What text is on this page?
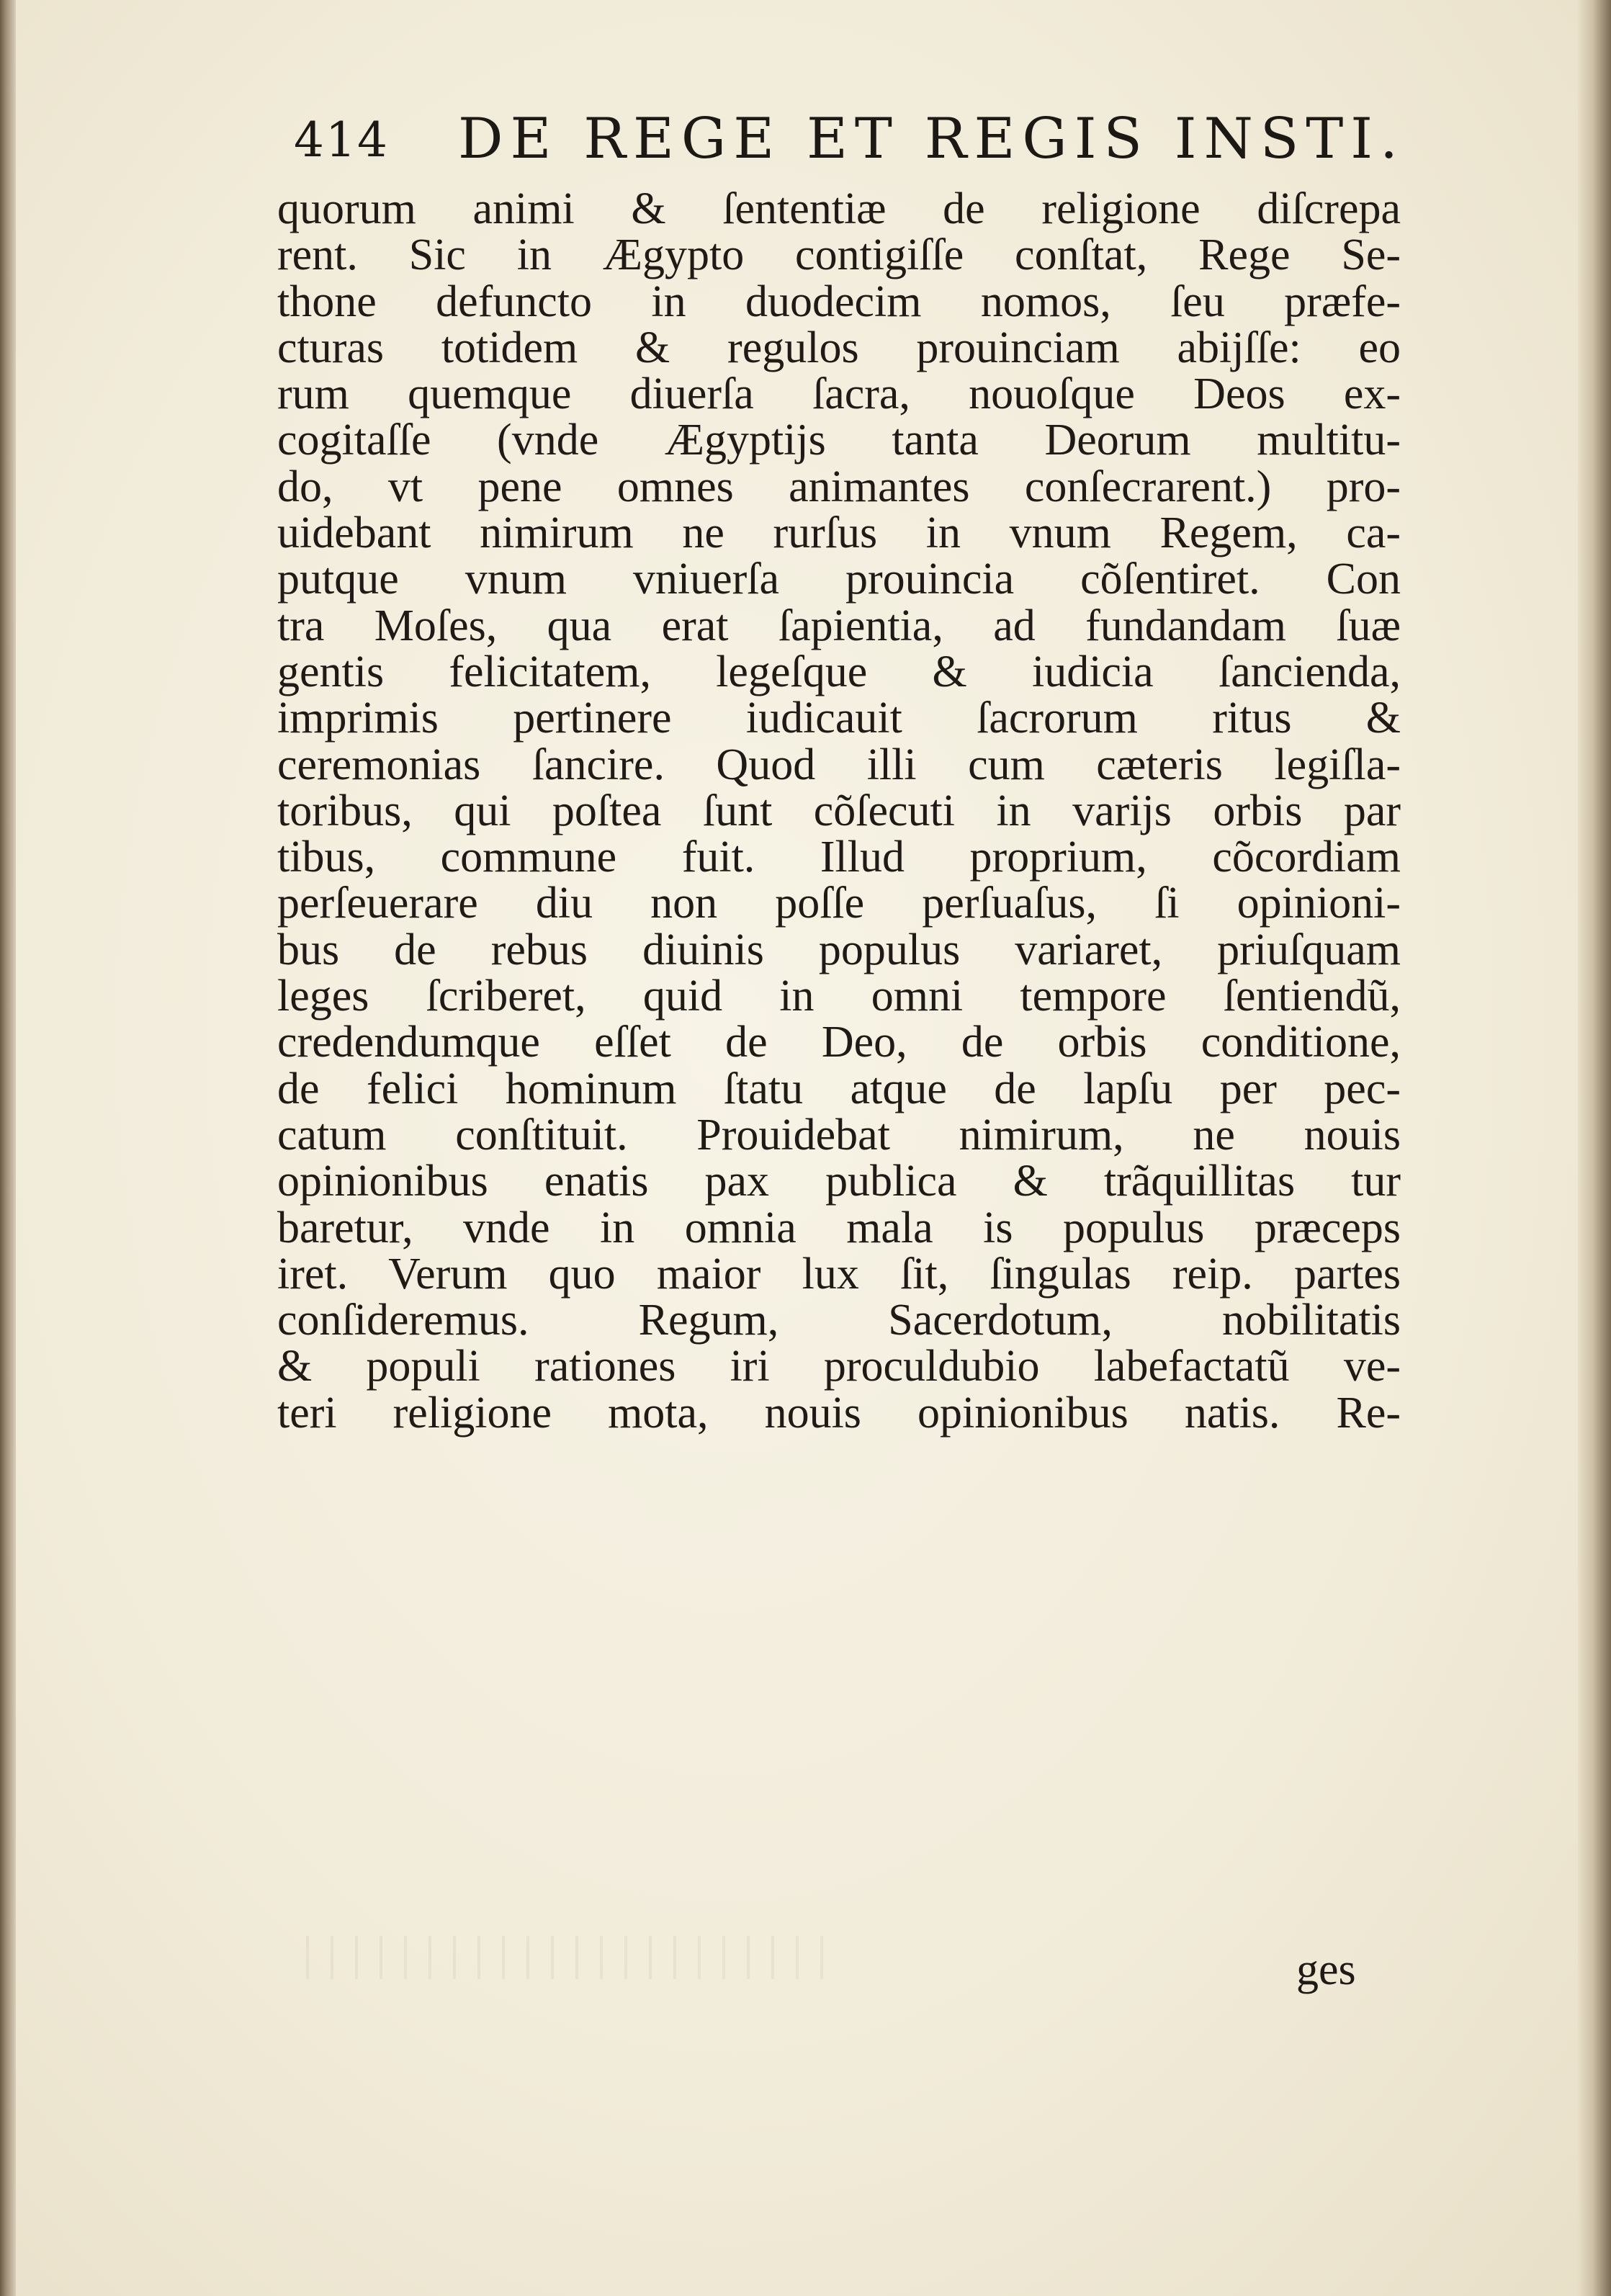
414 DE REGE ET REGIS INSTI.
quorum animi & ſententiæ de religione diſcrepa
rent. Sic in Ægypto contigiſſe conſtat, Rege Se-
thone defuncto in duodecim nomos, ſeu præfe-
cturas totidem & regulos prouinciam abijſſe: eo
rum quemque diuerſa ſacra, nouoſque Deos ex-
cogitaſſe (vnde Ægyptijs tanta Deorum multitu-
do, vt pene omnes animantes conſecrarent.) pro-
uidebant nimirum ne rurſus in vnum Regem, ca-
putque vnum vniuerſa prouincia cõſentiret. Con
tra Moſes, qua erat ſapientia, ad fundandam ſuæ
gentis felicitatem, legeſque & iudicia ſancienda,
imprimis pertinere iudicauit ſacrorum ritus &
ceremonias ſancire. Quod illi cum cæteris legiſla-
toribus, qui poſtea ſunt cõſecuti in varijs orbis par
tibus, commune fuit. Illud proprium, cõcordiam
perſeuerare diu non poſſe perſuaſus, ſi opinioni-
bus de rebus diuinis populus variaret, priuſquam
leges ſcriberet, quid in omni tempore ſentiendũ,
credendumque eſſet de Deo, de orbis conditione,
de felici hominum ſtatu atque de lapſu per pec-
catum conſtituit. Prouidebat nimirum, ne nouis
opinionibus enatis pax publica & trãquillitas tur
baretur, vnde in omnia mala is populus præceps
iret. Verum quo maior lux ſit, ſingulas reip. partes
conſideremus. Regum, Sacerdotum, nobilitatis
& populi rationes iri proculdubio labefactatũ ve-
teri religione mota, nouis opinionibus natis. Re-
ges
